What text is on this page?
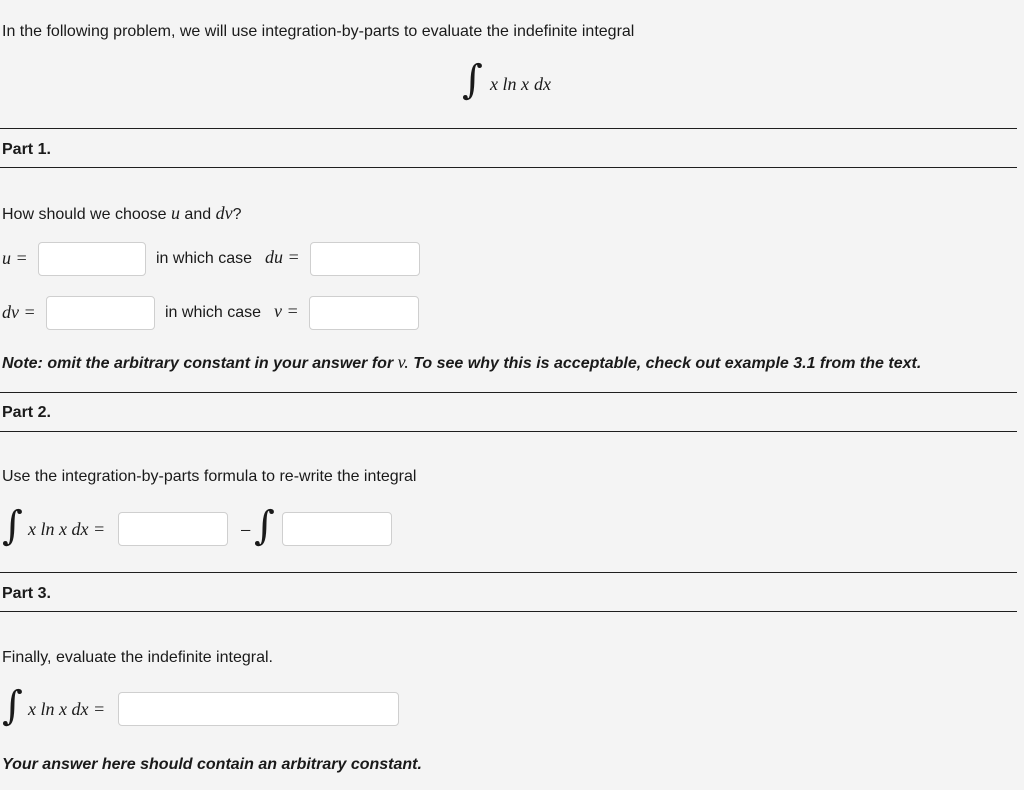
In the following problem, we will use integration-by-parts to evaluate the indefinite integral
∫ x ln x dx
Part 1.
How should we choose u and dv?
u =	in which case du =
dv =	in which case v =
Note: omit the arbitrary constant in your answer for v. To see why this is acceptable, check out example 3.1 from the text.
Part 2.
Use the integration-by-parts formula to re-write the integral
∫ x ln x dx =	− ∫
Part 3.
Finally, evaluate the indefinite integral.
∫ x ln x dx =
Your answer here should contain an arbitrary constant.
